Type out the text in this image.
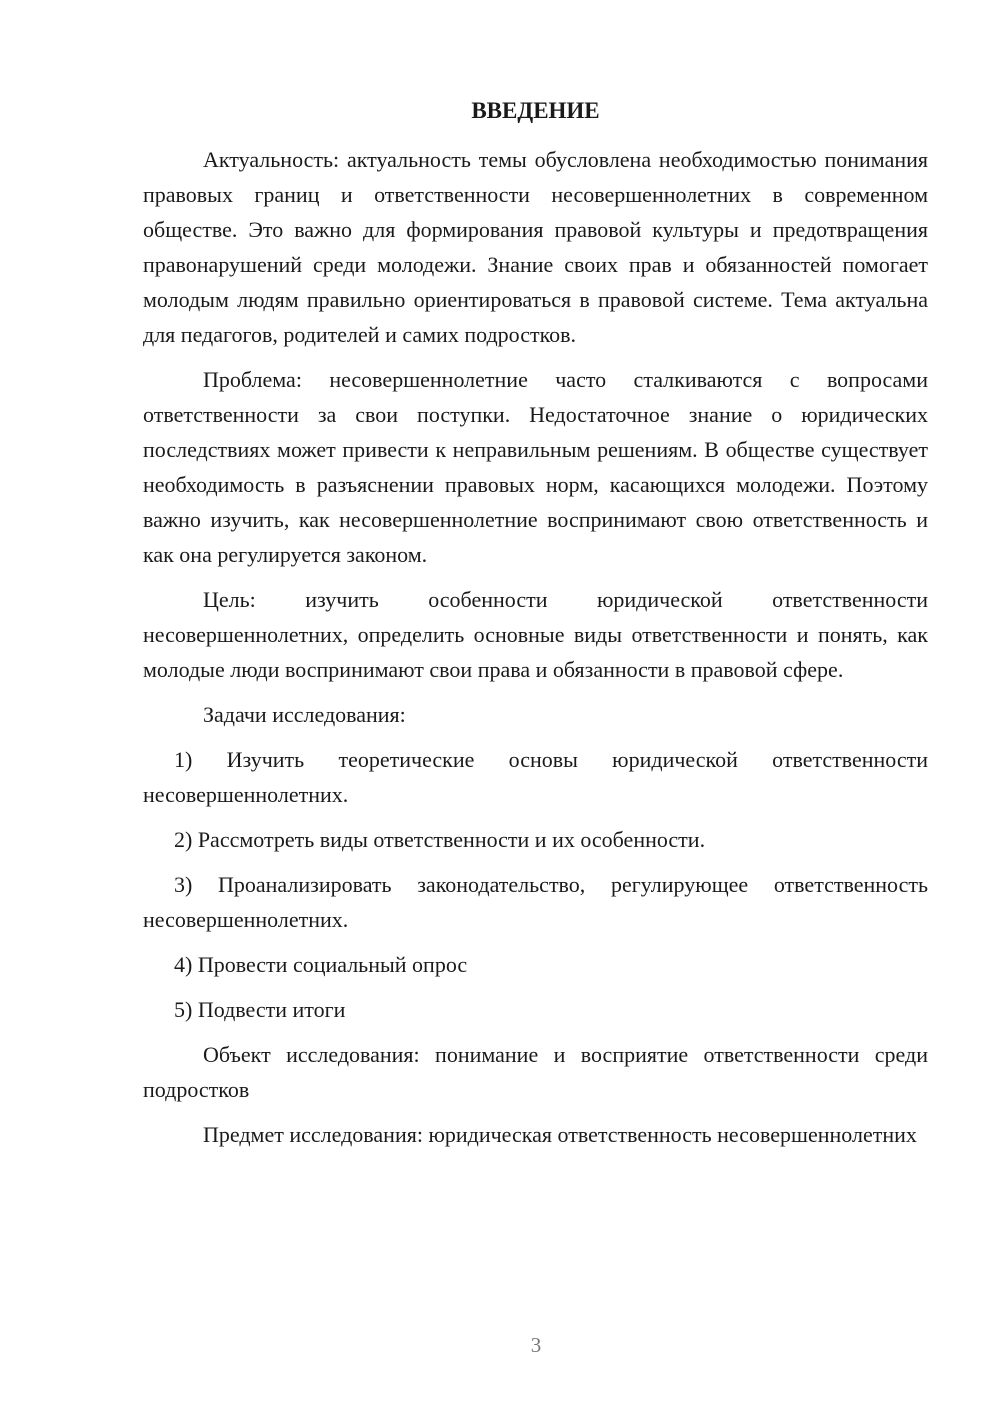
ВВЕДЕНИЕ

Актуальность: актуальность темы обусловлена необходимостью понимания правовых границ и ответственности несовершеннолетних в современном обществе. Это важно для формирования правовой культуры и предотвращения правонарушений среди молодежи. Знание своих прав и обязанностей помогает молодым людям правильно ориентироваться в правовой системе. Тема актуальна для педагогов, родителей и самих подростков.

Проблема: несовершеннолетние часто сталкиваются с вопросами ответственности за свои поступки. Недостаточное знание о юридических последствиях может привести к неправильным решениям. В обществе существует необходимость в разъяснении правовых норм, касающихся молодежи. Поэтому важно изучить, как несовершеннолетние воспринимают свою ответственность и как она регулируется законом.

Цель: изучить особенности юридической ответственности несовершеннолетних, определить основные виды ответственности и понять, как молодые люди воспринимают свои права и обязанности в правовой сфере.

Задачи исследования:

1) Изучить теоретические основы юридической ответственности несовершеннолетних.

2) Рассмотреть виды ответственности и их особенности.

3) Проанализировать законодательство, регулирующее ответственность несовершеннолетних.

4) Провести социальный опрос

5) Подвести итоги

Объект исследования: понимание и восприятие ответственности среди подростков

Предмет исследования: юридическая ответственность несовершеннолетних

3
